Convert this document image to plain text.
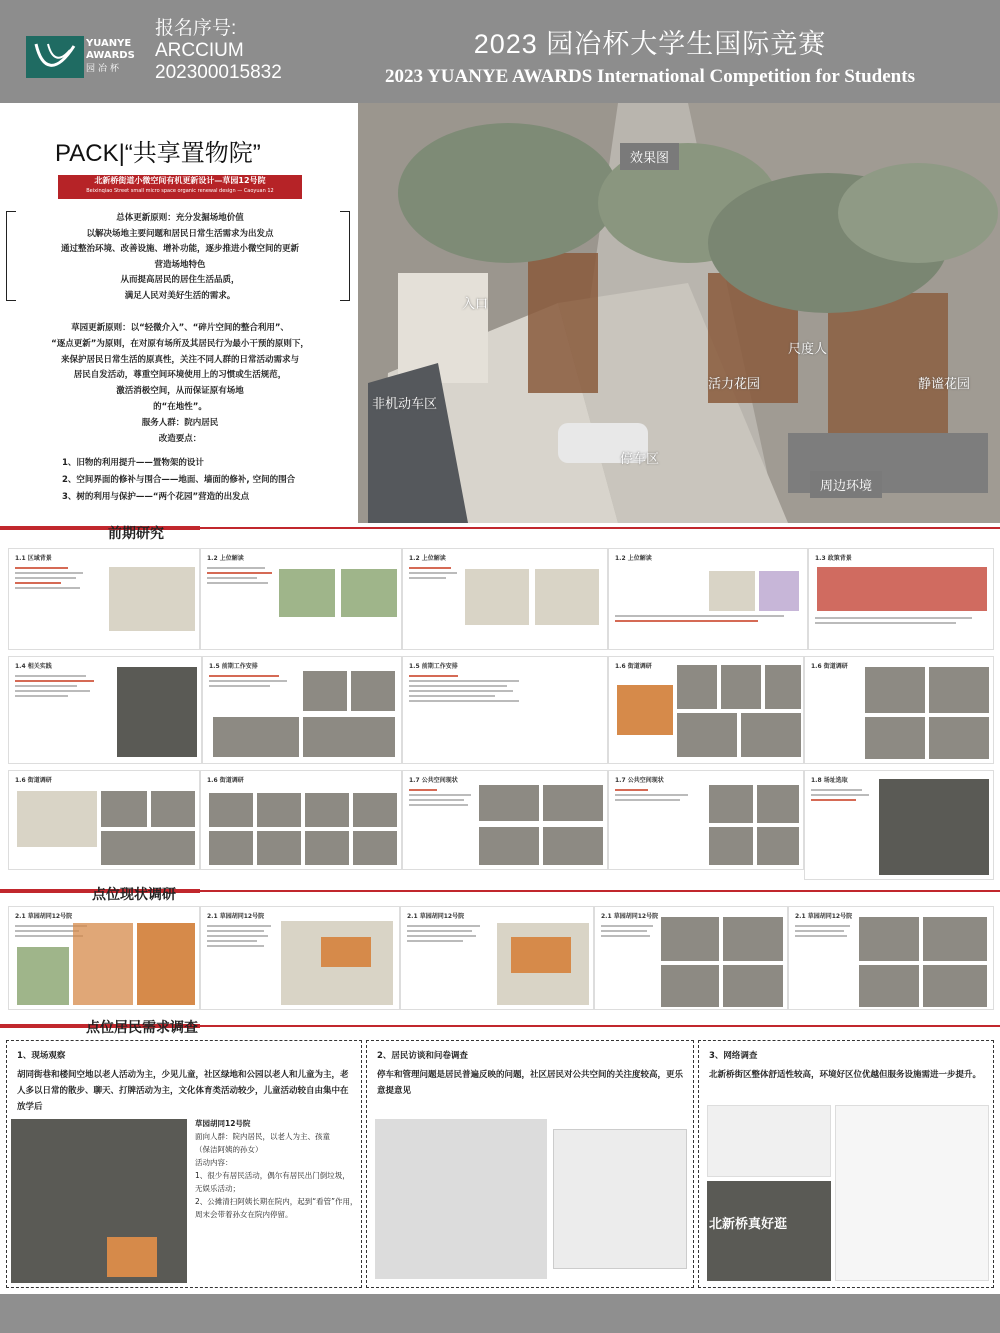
YUANYE AWARDS
园冶杯
报名序号:
ARCCIUM
202300015832
2023 园冶杯大学生国际竞赛
2023 YUANYE AWARDS International Competition for Students
PACK|“共享置物院”
北新桥街道小微空间有机更新设计—草园12号院
Beixinqiao Street small micro space organic renewal design — Caoyuan 12
总体更新原则：充分发掘场地价值
以解决场地主要问题和居民日常生活需求为出发点
通过整治环境、改善设施、增补功能，逐步推进小微空间的更新
营造场地特色
从而提高居民的居住生活品质，
满足人民对美好生活的需求。
草园更新原则：以“轻微介入”、“碎片空间的整合利用”、
“逐点更新”为原则，在对原有场所及其居民行为最小干预的原则下，
来保护居民日常生活的原真性，关注不同人群的日常活动需求与
居民自发活动，尊重空间环境使用上的习惯或生活规范，
激活消极空间，从而保证原有场地
的“在地性”。
服务人群：院内居民
改造要点：
1、旧物的利用提升——置物架的设计
2、空间界面的修补与围合——地面、墙面的修补, 空间的围合
3、树的利用与保护——“两个花园”营造的出发点
效果图
周边环境
尺度人
活力花园	静谧花园
非机动车区
停车区
入口
前期研究
1.1 区域背景	1.2 上位解读	1.2 上位解读	1.2 上位解读	1.3 政策背景
1.4 相关实践	1.5 前期工作安排	1.5 前期工作安排	1.6 街道调研	1.6 街道调研
1.6 街道调研	1.6 街道调研	1.7 公共空间现状	1.7 公共空间现状	1.8 场址选取
点位现状调研
2.1 草园胡同12号院	2.1 草园胡同12号院	2.1 草园胡同12号院	2.1 草园胡同12号院	2.1 草园胡同12号院
点位居民需求调查
1、现场观察
胡同街巷和楼间空地以老人活动为主，少见儿童，社区绿地和公园以老人和儿童为主，老人多以日常的散步、聊天、打牌活动为主，文化体育类活动较少，儿童活动较自由集中在放学后
草园胡同12号院
面向人群：院内居民，以老人为主、孩童
（保洁阿姨的孙女）
活动内容：
1、很少有居民活动，偶尔有居民出门倒垃圾，
无娱乐活动；
2、公摊清扫阿姨长期在院内，起到“看管”作用，
周末会带着孙女在院内停留。
2、居民访谈和问卷调查
停车和管理问题是居民普遍反映的问题，社区居民对公共空间的关注度较高，更乐意提意见
3、网络调查
北新桥街区整体舒适性较高，环境好区位优越但服务设施需进一步提升。
北新桥真好逛
